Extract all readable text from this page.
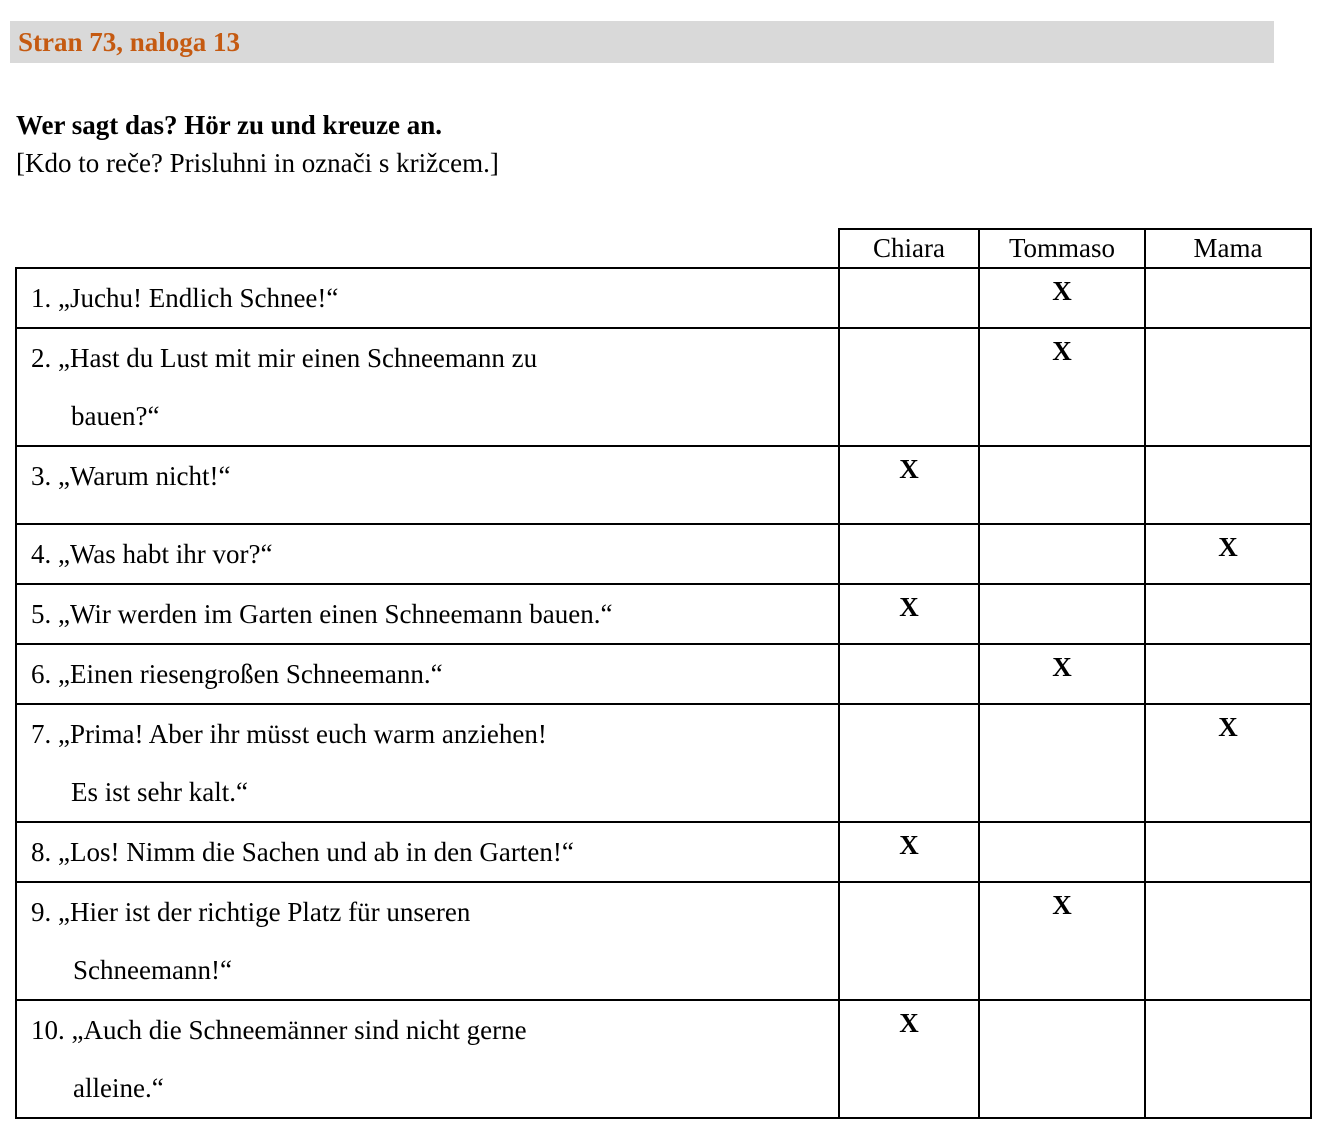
Stran 73, naloga 13
Wer sagt das? Hör zu und kreuze an.
[Kdo to reče? Prisluhni in označi s križcem.]
	Chiara	Tommaso	Mama

1. „Juchu! Endlich Schnee!“		X	

2. „Hast du Lust mit mir einen Schneemann zu
bauen?“		X	

3. „Warum nicht!“	X		

4. „Was habt ihr vor?“			X

5. „Wir werden im Garten einen Schneemann bauen.“	X		

6. „Einen riesengroßen Schneemann.“		X	

7. „Prima! Aber ihr müsst euch warm anziehen!
Es ist sehr kalt.“			X

8. „Los! Nimm die Sachen und ab in den Garten!“	X		

9. „Hier ist der richtige Platz für unseren
Schneemann!“		X	

10. „Auch die Schneemänner sind nicht gerne
alleine.“	X		
